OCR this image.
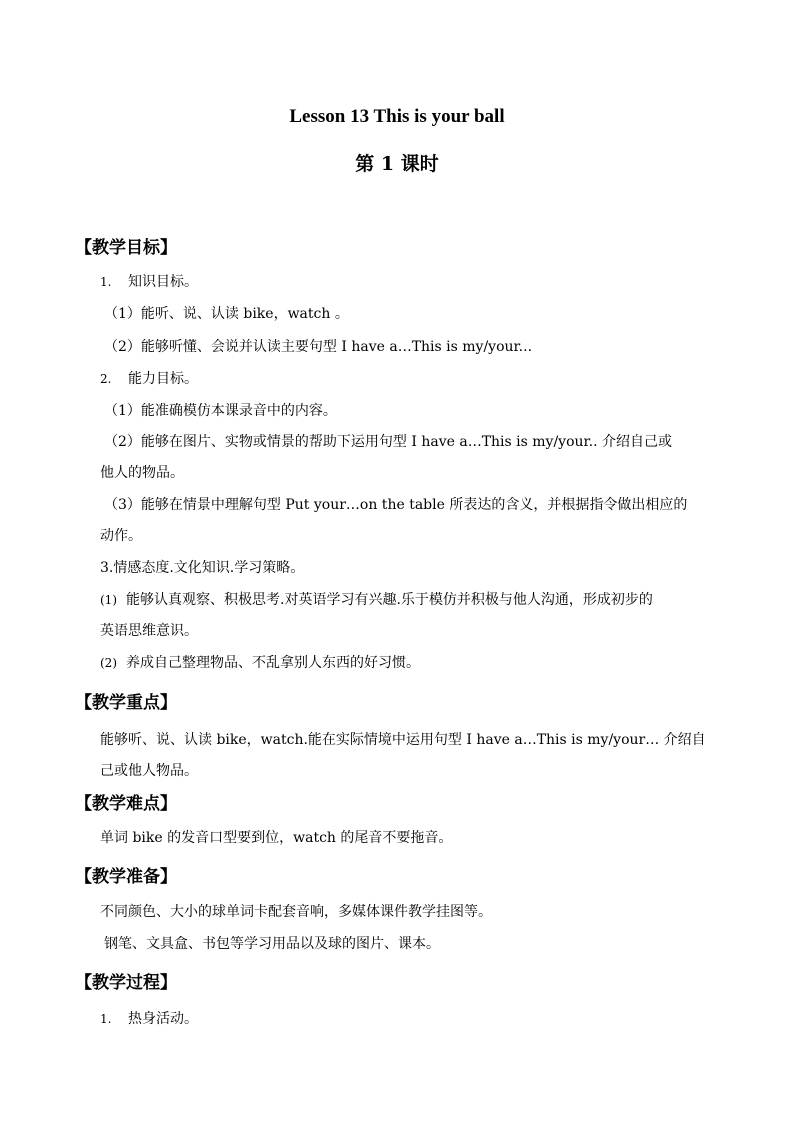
Lesson 13 This is your ball
第 1 课时
【教学目标】
1. 知识目标。
（1）能听、说、认读 bike，watch 。
（2）能够听懂、会说并认读主要句型 I have a…This is my/your...
2. 能力目标。
（1）能准确模仿本课录音中的内容。
（2）能够在图片、实物或情景的帮助下运用句型 I have a…This is my/your.. 介绍自己或
他人的物品。
（3）能够在情景中理解句型 Put your…on the table 所表达的含义，并根据指令做出相应的
动作。
3.情感态度.文化知识.学习策略。
(1) 能够认真观察、积极思考.对英语学习有兴趣.乐于模仿并积极与他人沟通，形成初步的
英语思维意识。
(2) 养成自己整理物品、不乱拿别人东西的好习惯。
【教学重点】
能够听、说、认读 bike，watch.能在实际情境中运用句型 I have a…This is my/your… 介绍自
己或他人物品。
【教学难点】
单词 bike 的发音口型要到位，watch 的尾音不要拖音。
【教学准备】
不同颜色、大小的球单词卡配套音响，多媒体课件教学挂图等。
钢笔、文具盒、书包等学习用品以及球的图片、课本。
【教学过程】
1. 热身活动。
